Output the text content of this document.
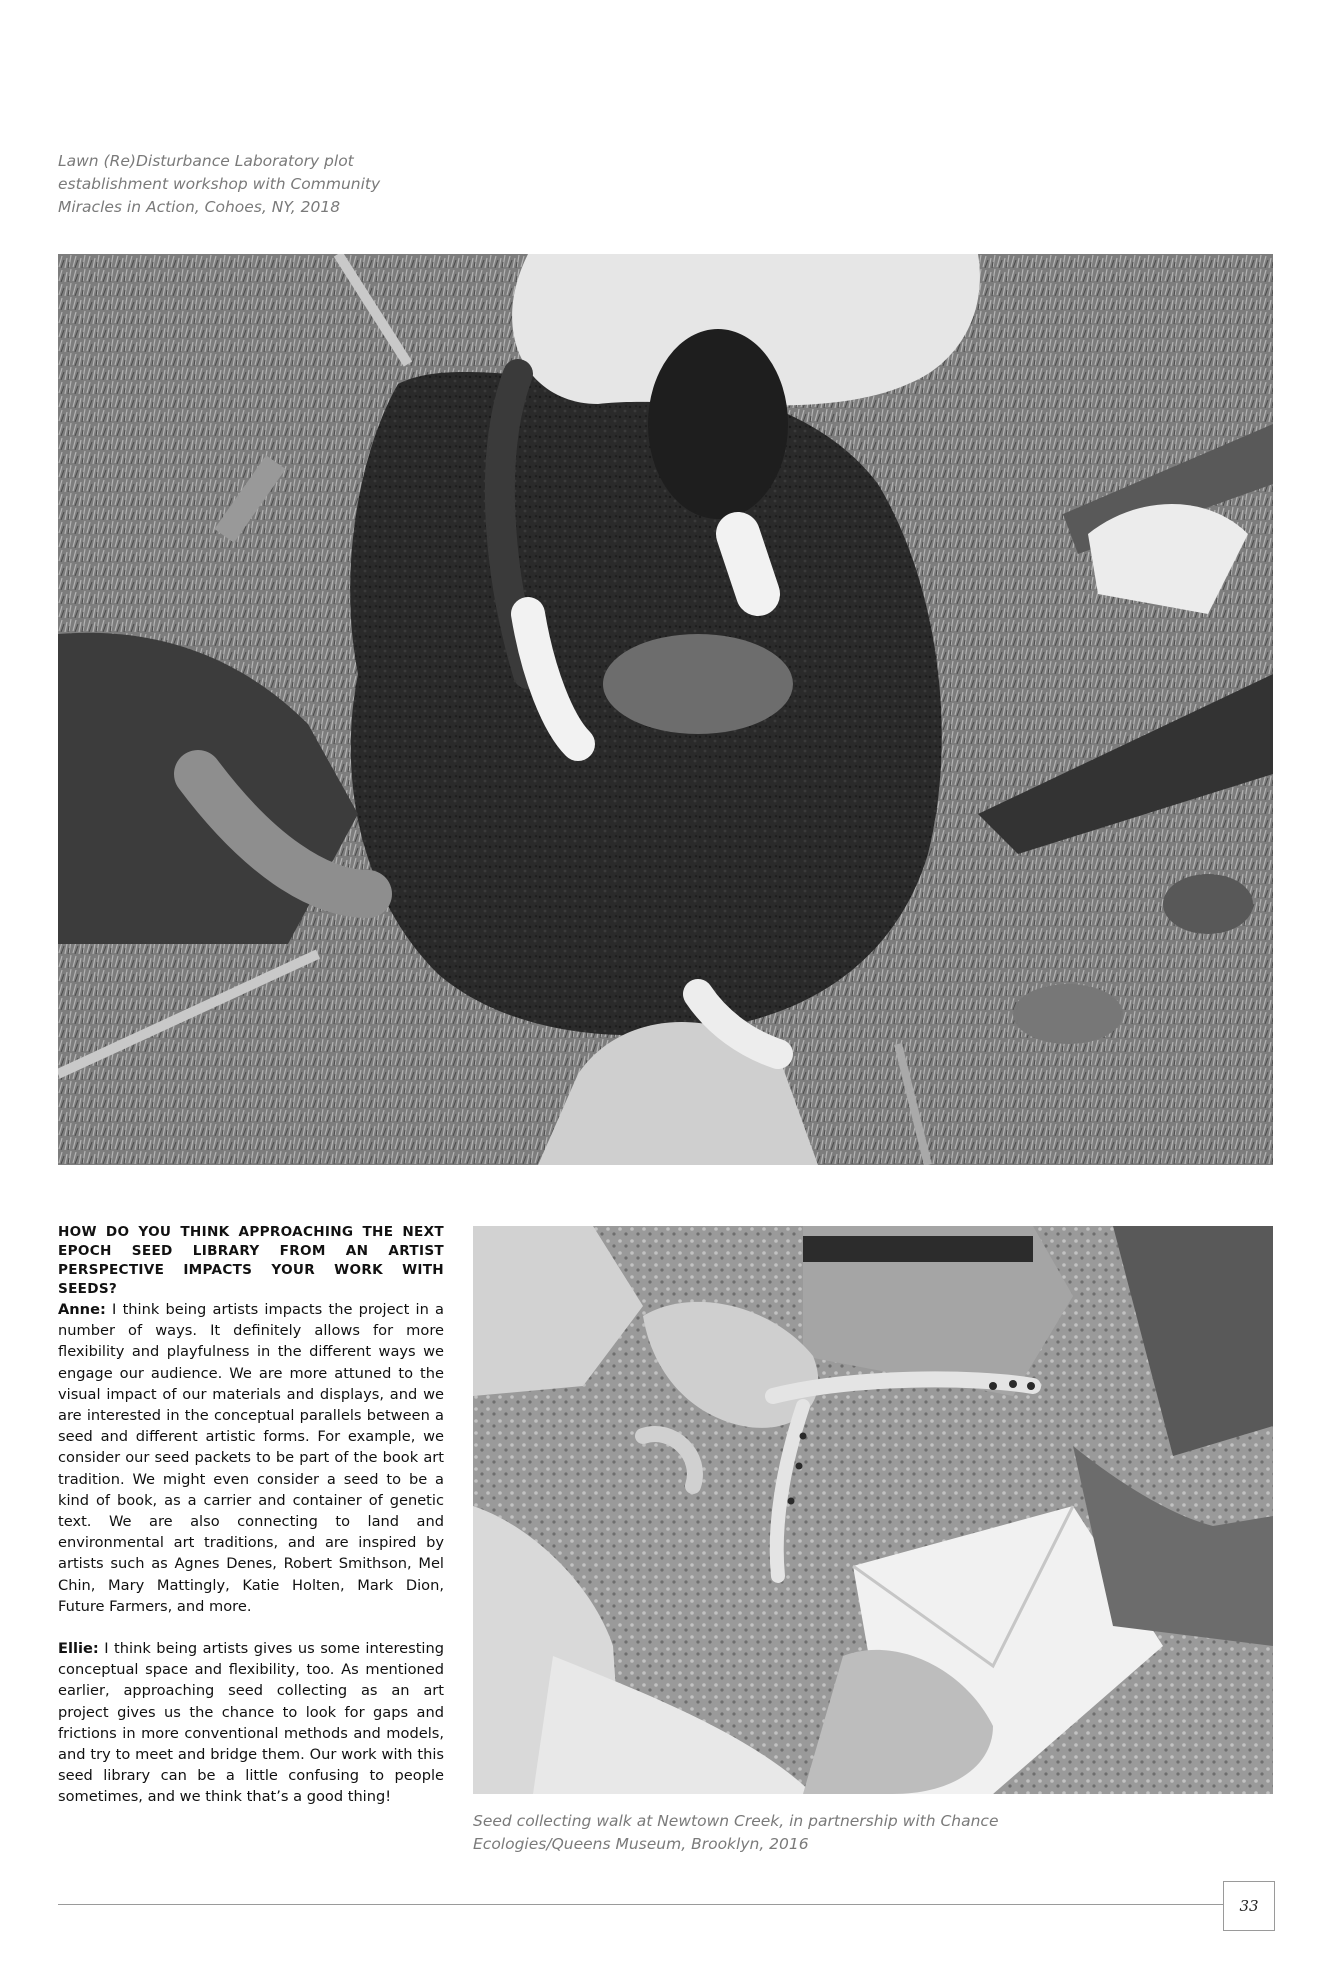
Lawn (Re)Disturbance Laboratory plot establishment workshop with Community Miracles in Action, Cohoes, NY, 2018

HOW DO YOU THINK APPROACHING THE NEXT EPOCH SEED LIBRARY FROM AN ARTIST PERSPECTIVE IMPACTS YOUR WORK WITH SEEDS?

Anne: I think being artists impacts the project in a number of ways. It definitely allows for more flexibility and playfulness in the different ways we engage our audience. We are more attuned to the visual impact of our materials and displays, and we are interested in the conceptual parallels between a seed and different artistic forms. For example, we consider our seed packets to be part of the book art tradition. We might even consider a seed to be a kind of book, as a carrier and container of genetic text. We are also connecting to land and environmental art traditions, and are inspired by artists such as Agnes Denes, Robert Smithson, Mel Chin, Mary Mattingly, Katie Holten, Mark Dion, Future Farmers, and more.

Ellie: I think being artists gives us some interesting conceptual space and flexibility, too. As mentioned earlier, approaching seed collecting as an art project gives us the chance to look for gaps and frictions in more conventional methods and models, and try to meet and bridge them. Our work with this seed library can be a little confusing to people sometimes, and we think that’s a good thing!

Seed collecting walk at Newtown Creek, in partnership with Chance Ecologies/Queens Museum, Brooklyn, 2016
33
